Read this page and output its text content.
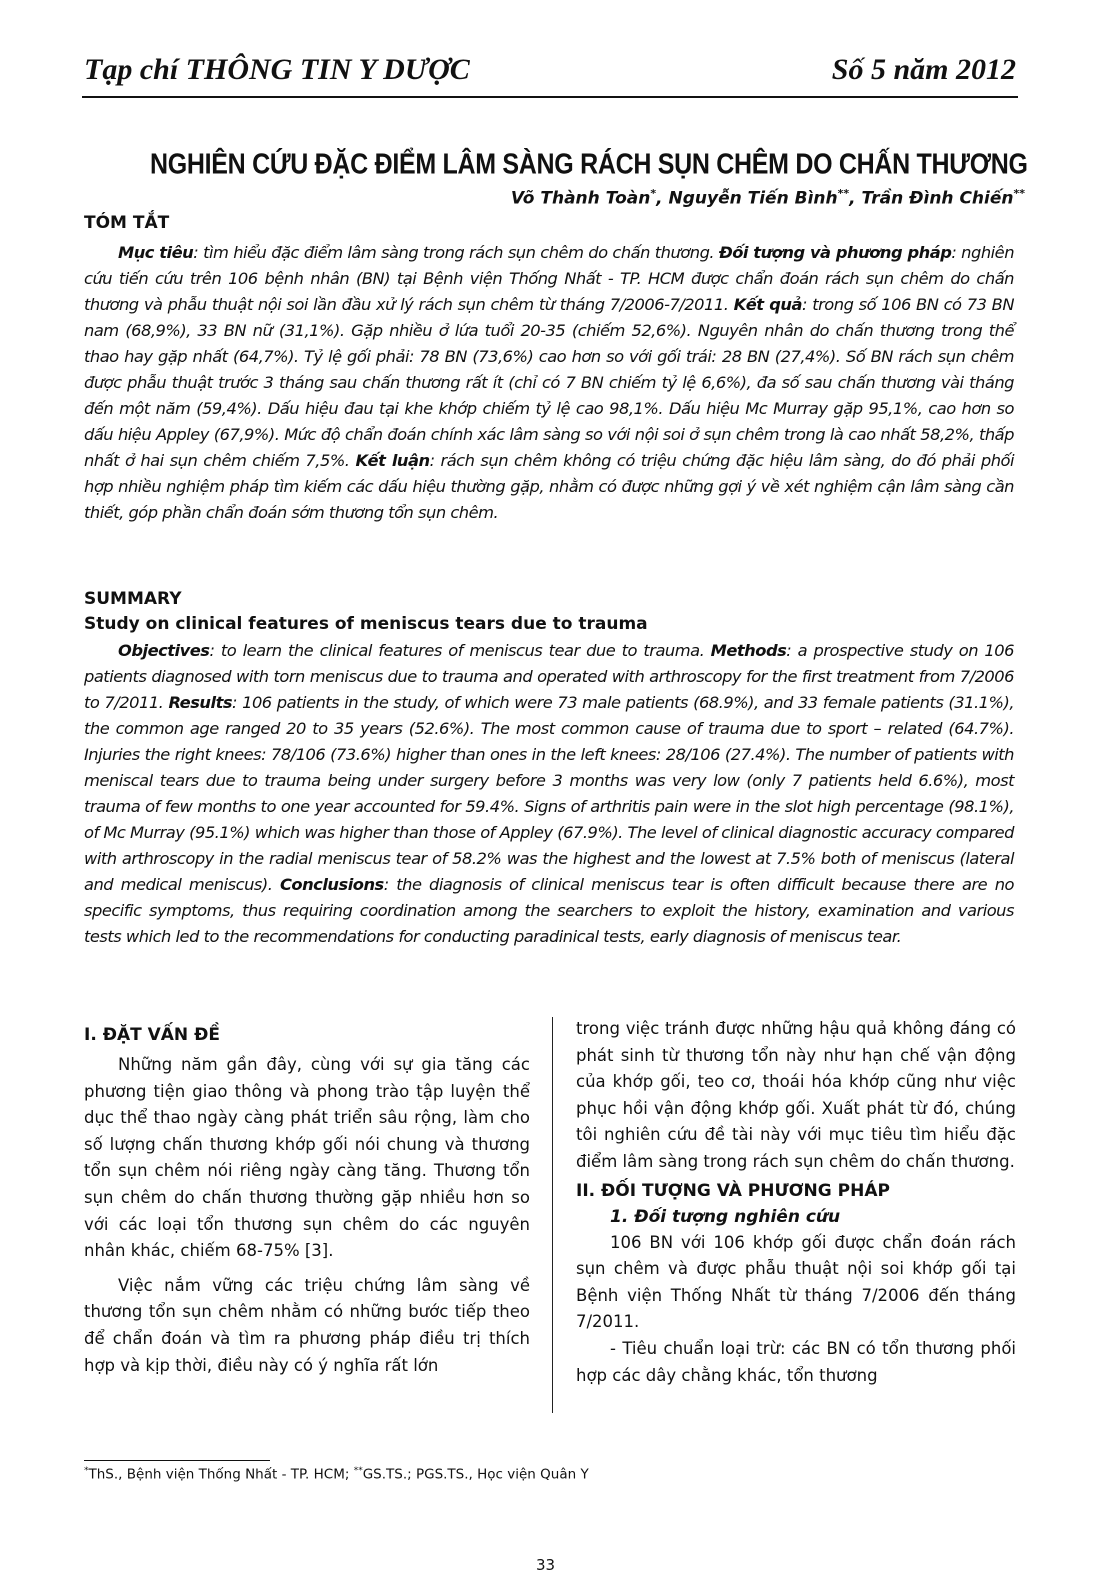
Tạp chí THÔNG TIN Y DƯỢC	Số 5 năm 2012
NGHIÊN CỨU ĐẶC ĐIỂM LÂM SÀNG RÁCH SỤN CHÊM DO CHẤN THƯƠNG
Võ Thành Toàn*, Nguyễn Tiến Bình**, Trần Đình Chiến**
TÓM TẮT

Mục tiêu: tìm hiểu đặc điểm lâm sàng trong rách sụn chêm do chấn thương. Đối tượng và phương pháp: nghiên cứu tiến cứu trên 106 bệnh nhân (BN) tại Bệnh viện Thống Nhất - TP. HCM được chẩn đoán rách sụn chêm do chấn thương và phẫu thuật nội soi lần đầu xử lý rách sụn chêm từ tháng 7/2006-7/2011. Kết quả: trong số 106 BN có 73 BN nam (68,9%), 33 BN nữ (31,1%). Gặp nhiều ở lứa tuổi 20-35 (chiếm 52,6%). Nguyên nhân do chấn thương trong thể thao hay gặp nhất (64,7%). Tỷ lệ gối phải: 78 BN (73,6%) cao hơn so với gối trái: 28 BN (27,4%). Số BN rách sụn chêm được phẫu thuật trước 3 tháng sau chấn thương rất ít (chỉ có 7 BN chiếm tỷ lệ 6,6%), đa số sau chấn thương vài tháng đến một năm (59,4%). Dấu hiệu đau tại khe khớp chiếm tỷ lệ cao 98,1%. Dấu hiệu Mc Murray gặp 95,1%, cao hơn so dấu hiệu Appley (67,9%). Mức độ chẩn đoán chính xác lâm sàng so với nội soi ở sụn chêm trong là cao nhất 58,2%, thấp nhất ở hai sụn chêm chiếm 7,5%. Kết luận: rách sụn chêm không có triệu chứng đặc hiệu lâm sàng, do đó phải phối hợp nhiều nghiệm pháp tìm kiếm các dấu hiệu thường gặp, nhằm có được những gợi ý về xét nghiệm cận lâm sàng cần thiết, góp phần chẩn đoán sớm thương tổn sụn chêm.

SUMMARY
Study on clinical features of meniscus tears due to trauma

Objectives: to learn the clinical features of meniscus tear due to trauma. Methods: a prospective study on 106 patients diagnosed with torn meniscus due to trauma and operated with arthroscopy for the first treatment from 7/2006 to 7/2011. Results: 106 patients in the study, of which were 73 male patients (68.9%), and 33 female patients (31.1%), the common age ranged 20 to 35 years (52.6%). The most common cause of trauma due to sport – related (64.7%). Injuries the right knees: 78/106 (73.6%) higher than ones in the left knees: 28/106 (27.4%). The number of patients with meniscal tears due to trauma being under surgery before 3 months was very low (only 7 patients held 6.6%), most trauma of few months to one year accounted for 59.4%. Signs of arthritis pain were in the slot high percentage (98.1%), of Mc Murray (95.1%) which was higher than those of Appley (67.9%). The level of clinical diagnostic accuracy compared with arthroscopy in the radial meniscus tear of 58.2% was the highest and the lowest at 7.5% both of meniscus (lateral and medical meniscus). Conclusions: the diagnosis of clinical meniscus tear is often difficult because there are no specific symptoms, thus requiring coordination among the searchers to exploit the history, examination and various tests which led to the recommendations for conducting paradinical tests, early diagnosis of meniscus tear.

I. ĐẶT VẤN ĐỀ

Những năm gần đây, cùng với sự gia tăng các phương tiện giao thông và phong trào tập luyện thể dục thể thao ngày càng phát triển sâu rộng, làm cho số lượng chấn thương khớp gối nói chung và thương tổn sụn chêm nói riêng ngày càng tăng. Thương tổn sụn chêm do chấn thương thường gặp nhiều hơn so với các loại tổn thương sụn chêm do các nguyên nhân khác, chiếm 68-75% [3].

Việc nắm vững các triệu chứng lâm sàng về thương tổn sụn chêm nhằm có những bước tiếp theo để chẩn đoán và tìm ra phương pháp điều trị thích hợp và kịp thời, điều này có ý nghĩa rất lớn

trong việc tránh được những hậu quả không đáng có phát sinh từ thương tổn này như hạn chế vận động của khớp gối, teo cơ, thoái hóa khớp cũng như việc phục hồi vận động khớp gối. Xuất phát từ đó, chúng tôi nghiên cứu đề tài này với mục tiêu tìm hiểu đặc điểm lâm sàng trong rách sụn chêm do chấn thương.

II. ĐỐI TƯỢNG VÀ PHƯƠNG PHÁP

1. Đối tượng nghiên cứu

106 BN với 106 khớp gối được chẩn đoán rách sụn chêm và được phẫu thuật nội soi khớp gối tại Bệnh viện Thống Nhất từ tháng 7/2006 đến tháng 7/2011.

- Tiêu chuẩn loại trừ: các BN có tổn thương phối hợp các dây chằng khác, tổn thương

*ThS., Bệnh viện Thống Nhất - TP. HCM; **GS.TS.; PGS.TS., Học viện Quân Y
33
